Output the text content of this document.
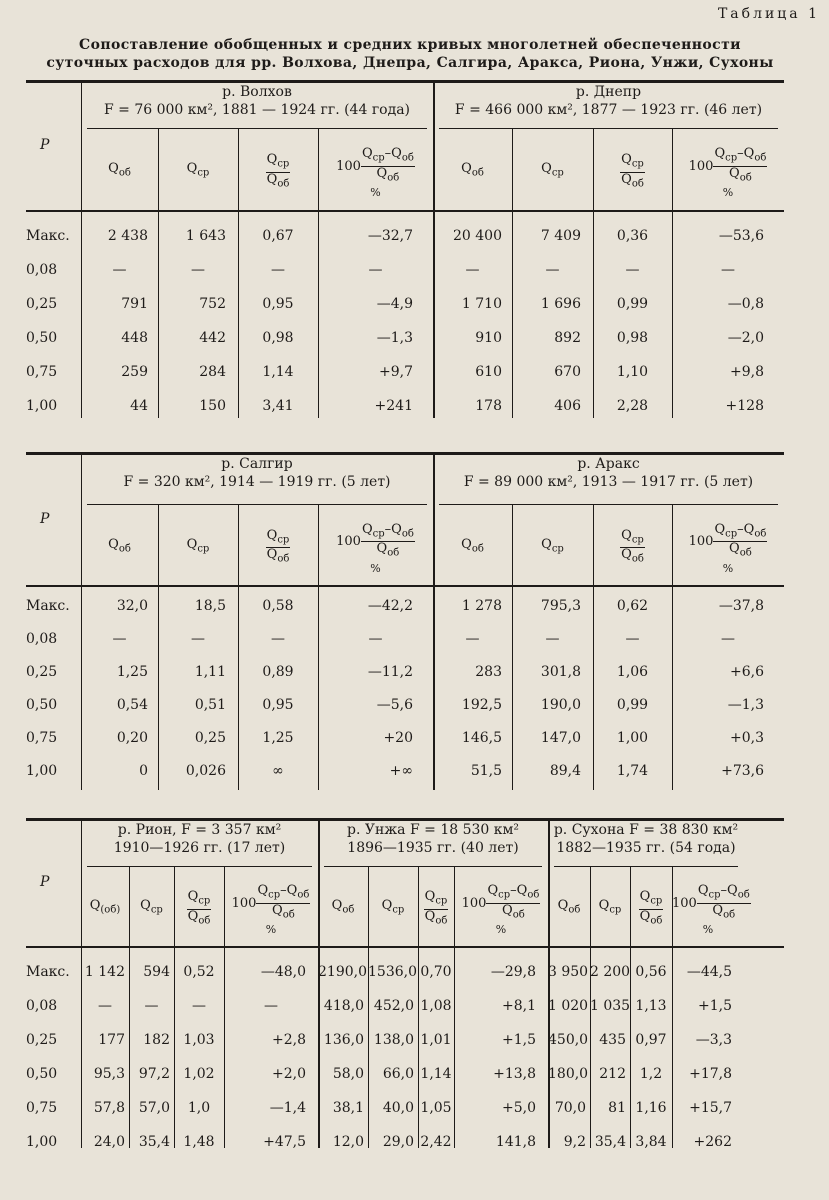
Таблица 1
Сопоставление обобщенных и средних кривых многолетней обеспеченности
суточных расходов для рр. Волхова, Днепра, Салгира, Аракса, Риона, Унжи, Сухоны
P
р. Волхов
F = 76 000 км², 1881 — 1924 гг. (44 года)
$Q_{об}$
2 438
—
791
448
259
44
$Q_{ср}$
1 643
—
752
442
284
150
$\frac{Q_{ср}}{Q_{об}}$
0,67
—
0,95
0,98
1,14
3,41
$100 \frac{Q_{ср}-Q_{об}}{Q_{об}}$
%
—32,7
—
—4,9
—1,3
+9,7
+241
р. Днепр
F = 466 000 км², 1877 — 1923 гг. (46 лет)
$Q_{об}$
20 400
—
1 710
910
610
178
$Q_{ср}$
7 409
—
1 696
892
670
406
$\frac{Q_{ср}}{Q_{об}}$
0,36
—
0,99
0,98
1,10
2,28
$100 \frac{Q_{ср}-Q_{об}}{Q_{об}}$
%
—53,6
—
—0,8
—2,0
+9,8
+128
Макс.
0,08
0,25
0,50
0,75
1,00
P
р. Салгир
F = 320 км², 1914 — 1919 гг. (5 лет)
$Q_{об}$
32,0
—
1,25
0,54
0,20
0
$Q_{ср}$
18,5
—
1,11
0,51
0,25
0,026
$\frac{Q_{ср}}{Q_{об}}$
0,58
—
0,89
0,95
1,25
∞
$100 \frac{Q_{ср}-Q_{об}}{Q_{об}}$
%
—42,2
—
—11,2
—5,6
+20
+∞
р. Аракс
F = 89 000 км², 1913 — 1917 гг. (5 лет)
$Q_{об}$
1 278
—
283
192,5
146,5
51,5
$Q_{ср}$
795,3
—
301,8
190,0
147,0
89,4
$\frac{Q_{ср}}{Q_{об}}$
0,62
—
1,06
0,99
1,00
1,74
$100 \frac{Q_{ср}-Q_{об}}{Q_{об}}$
%
—37,8
—
+6,6
—1,3
+0,3
+73,6
Макс.
0,08
0,25
0,50
0,75
1,00
P
р. Рион, F = 3 357 км²
1910—1926 гг. (17 лет)
$Q_{(об)}$
1 142
—
177
95,3
57,8
24,0
$Q_{ср}$
594
—
182
97,2
57,0
35,4
$\frac{Q_{ср}}{Q_{об}}$
0,52
—
1,03
1,02
1,0
1,48
$100 \frac{Q_{ср}-Q_{об}}{Q_{об}}$
%
—48,0
—
+2,8
+2,0
—1,4
+47,5
р. Унжа F = 18 530 км²
1896—1935 гг. (40 лет)
$Q_{об}$
2190,0
418,0
136,0
58,0
38,1
12,0
$Q_{ср}$
1536,0
452,0
138,0
66,0
40,0
29,0
$\frac{Q_{ср}}{Q_{об}}$
0,70
1,08
1,01
1,14
1,05
2,42
$100 \frac{Q_{ср}-Q_{об}}{Q_{об}}$
%
—29,8
+8,1
+1,5
+13,8
+5,0
141,8
р. Сухона F = 38 830 км²
1882—1935 гг. (54 года)
$Q_{об}$
3 950
1 020
450,0
180,0
70,0
9,2
$Q_{ср}$
2 200
1 035
435
212
81
35,4
$\frac{Q_{ср}}{Q_{об}}$
0,56
1,13
0,97
1,2
1,16
3,84
$100 \frac{Q_{ср}-Q_{об}}{Q_{об}}$
%
—44,5
+1,5
—3,3
+17,8
+15,7
+262
Макс.
0,08
0,25
0,50
0,75
1,00
